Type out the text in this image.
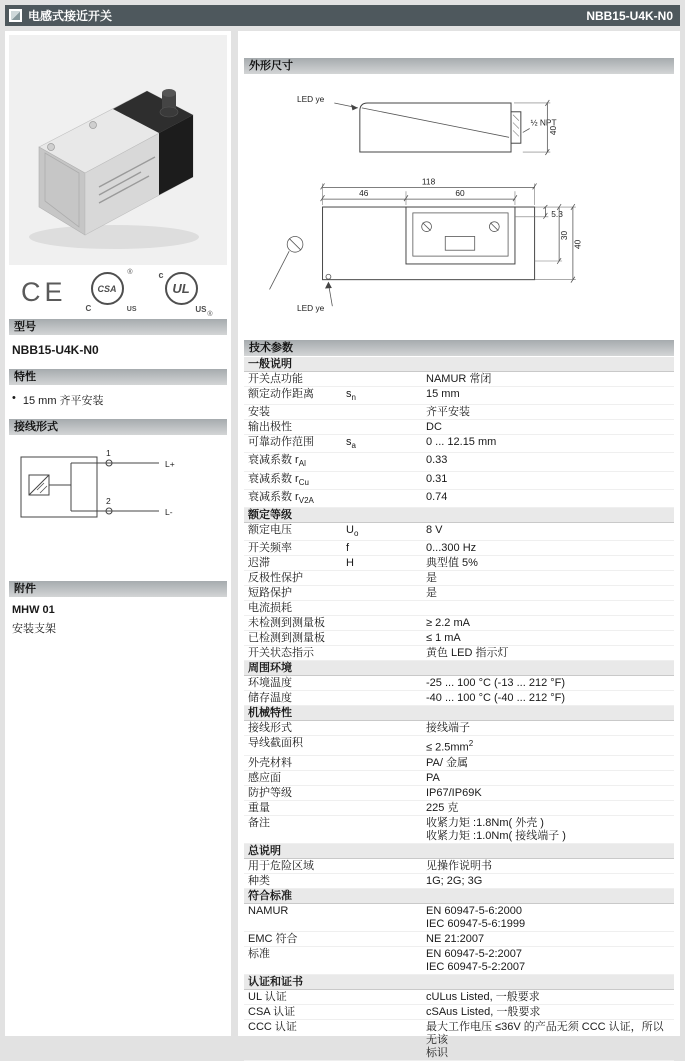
电感式接近开关	NBB15-U4K-N0
CE	CSA
®
C	US
c
UL
US
®
型号
NBB15-U4K-N0
特性
• 15 mm 齐平安装
接线形式
1
2
L+
L-
附件
MHW 01
安装支架
外形尺寸
½ NPT
40
LED ye
118
46	60
5.3
30
40
LED ye
技术参数
一般说明
开关点功能	NAMUR 常闭
额定动作距离	$s_n$	15 mm
安装	齐平安装
输出极性	DC
可靠动作范围	$s_a$	0 ... 12.15 mm
衰减系数 $r_{Al}$	0.33
衰减系数 $r_{Cu}$	0.31
衰减系数 $r_{V2A}$	0.74
额定等级
额定电压	$U_o$	8 V
开关频率	f	0...300 Hz
迟滞	H	典型值 5%
反极性保护	是
短路保护	是
电流损耗
未检测到测量板	≥ 2.2 mA
已检测到测量板	≤ 1 mA
开关状态指示	黄色 LED 指示灯
周围环境
环境温度	-25 ... 100 °C (-13 ... 212 °F)
储存温度	-40 ... 100 °C (-40 ... 212 °F)
机械特性
接线形式	接线端子
导线截面积	≤ $2.5mm^2$
外壳材料	PA/ 金属
感应面	PA
防护等级	IP67/IP69K
重量	225 克
备注	收紧力矩 :1.8Nm( 外壳 )
收紧力矩 :1.0Nm( 接线端子 )
总说明
用于危险区域	见操作说明书
种类	1G; 2G; 3G
符合标准
NAMUR	EN 60947-5-6:2000
IEC 60947-5-6:1999
EMC 符合	NE 21:2007
标准	EN 60947-5-2:2007
IEC 60947-5-2:2007
认证和证书
UL 认证	cULus Listed, 一般要求
CSA 认证	cSAus Listed, 一般要求
CCC 认证	最大工作电压 ≤36V 的产品无须 CCC 认证，所以无该
标识
